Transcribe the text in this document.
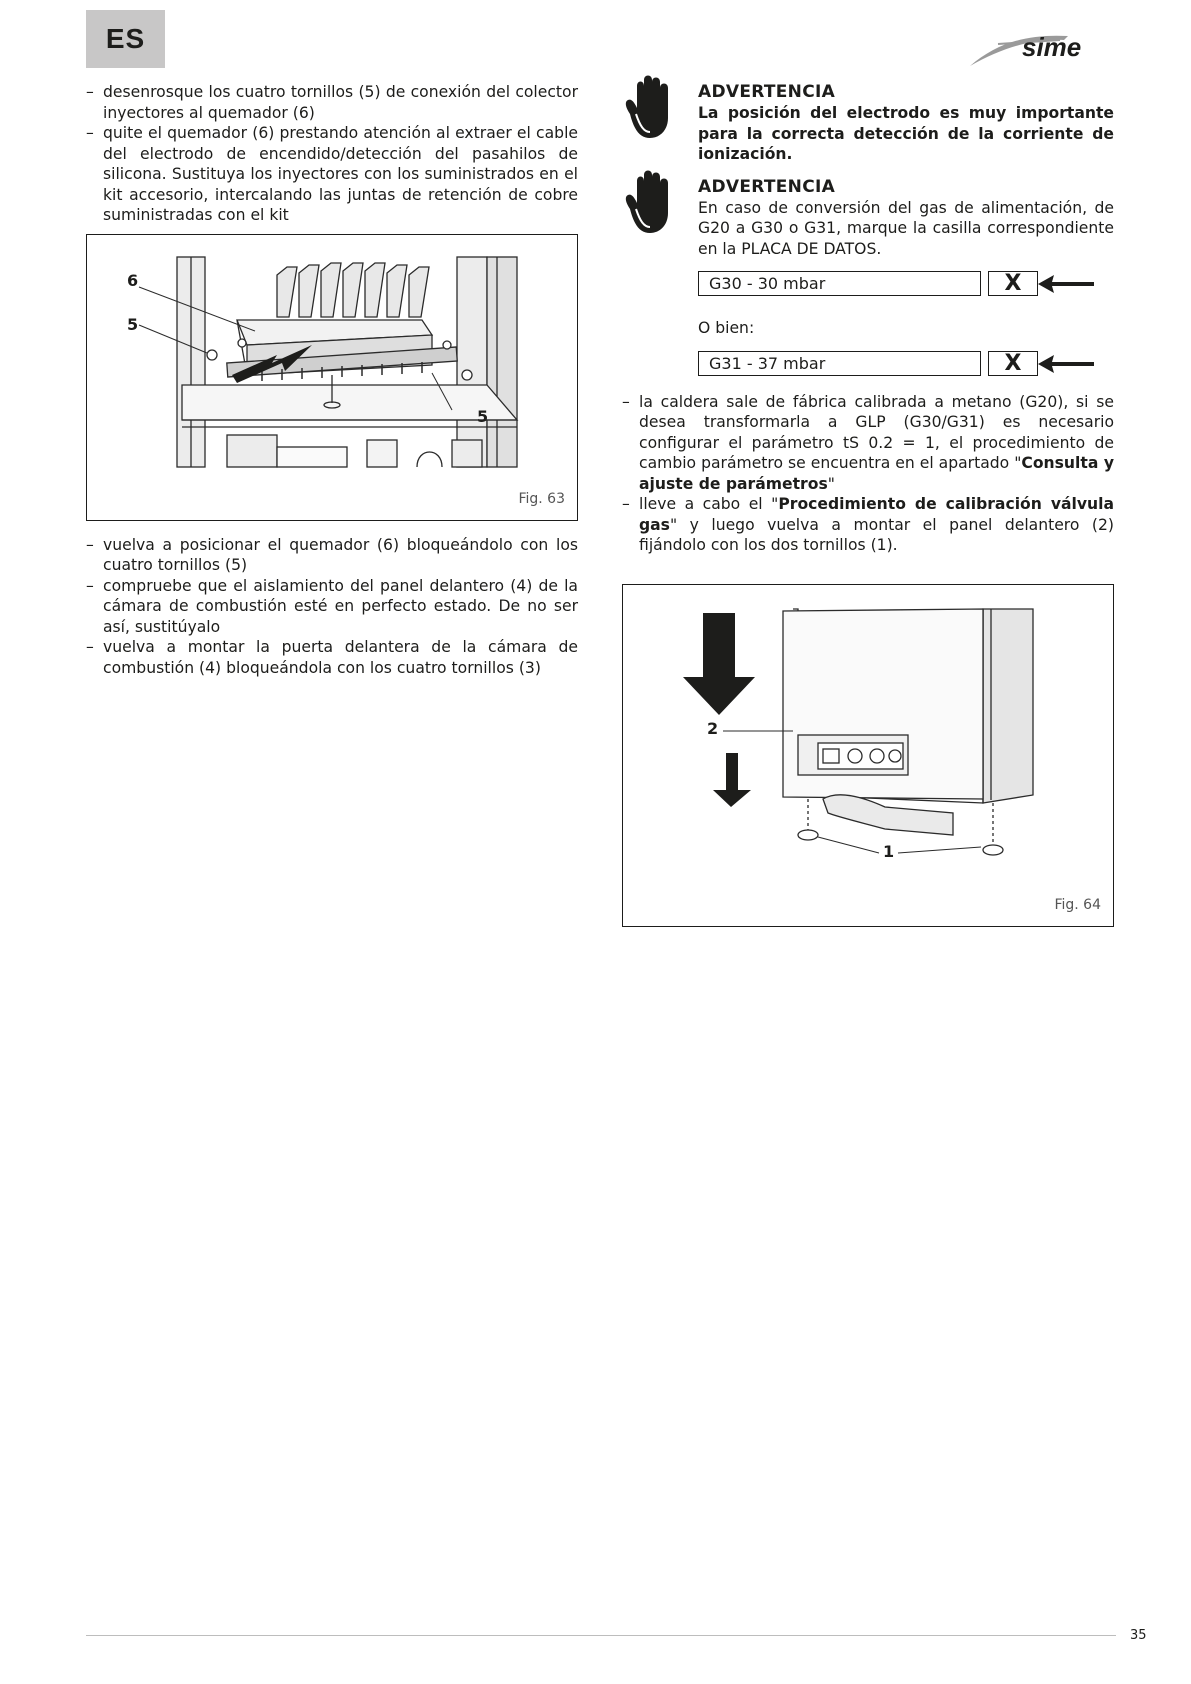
ES	sime
– desenrosque los cuatro tornillos (5) de conexión del colector inyectores al quemador (6)
– quite el quemador (6) prestando atención al extraer el cable del electrodo de encendido/detección del pasahilos de silicona. Sustituya los inyectores con los suministrados en el kit accesorio, intercalando las juntas de retención de cobre suministradas con el kit
6
5
5
Fig. 63
– vuelva a posicionar el quemador (6) bloqueándolo con los cuatro tornillos (5)
– compruebe que el aislamiento del panel delantero (4) de la cámara de combustión esté en perfecto estado. De no ser así, sustitúyalo
– vuelva a montar la puerta delantera de la cámara de combustión (4) bloqueándola con los cuatro tornillos (3)
ADVERTENCIA
La posición del electrodo es muy importante para la correcta detección de la corriente de ionización.
ADVERTENCIA
En caso de conversión del gas de alimentación, de G20 a G30 o G31, marque la casilla correspondiente en la PLACA DE DATOS.
G30 - 30 mbar	X
O bien:
G31 - 37 mbar	X
– la caldera sale de fábrica calibrada a metano (G20), si se desea transformarla a GLP (G30/G31) es necesario configurar el parámetro tS 0.2 = 1, el procedimiento de cambio parámetro se encuentra en el apartado "Consulta y ajuste de parámetros"
– lleve a cabo el "Procedimiento de calibración válvula gas" y luego vuelva a montar el panel delantero (2) fijándolo con los dos tornillos (1).
2
1
Fig. 64
35
